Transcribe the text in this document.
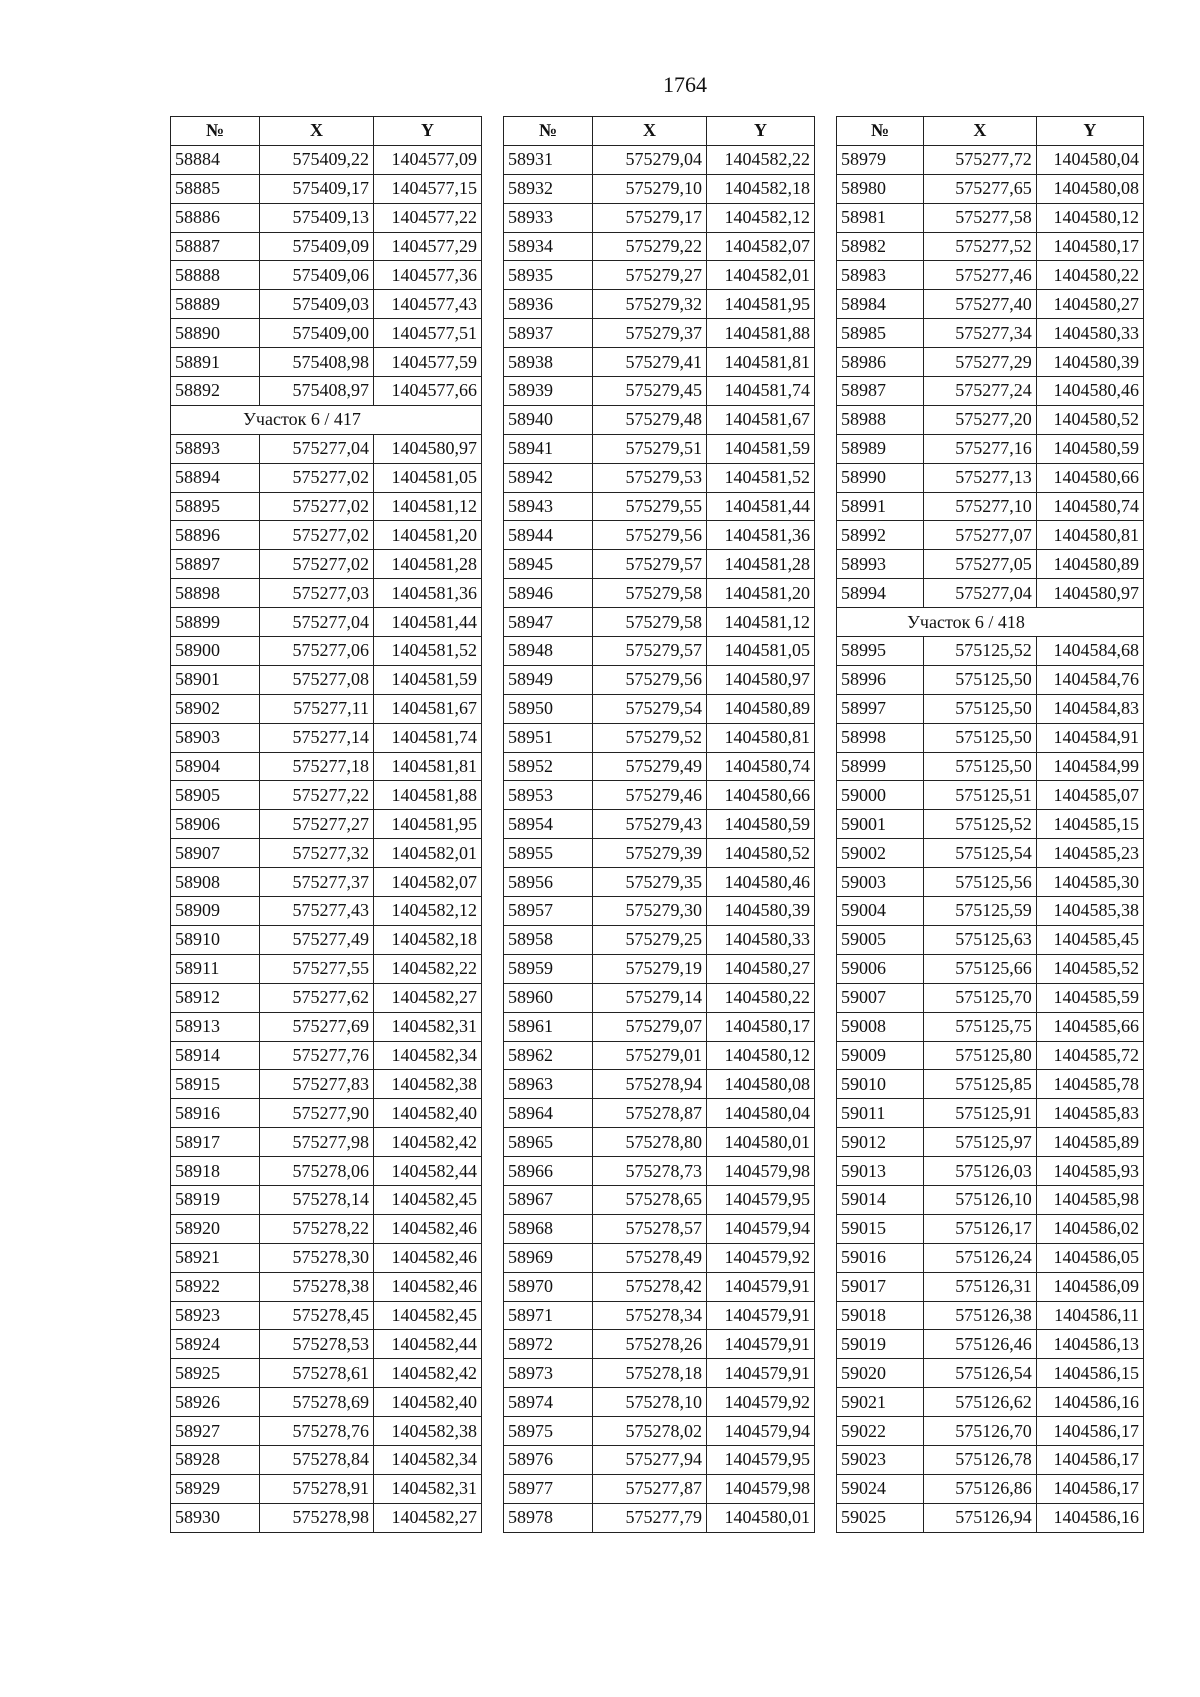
1764
№	X	Y
58884	575409,22	1404577,09
58885	575409,17	1404577,15
58886	575409,13	1404577,22
58887	575409,09	1404577,29
58888	575409,06	1404577,36
58889	575409,03	1404577,43
58890	575409,00	1404577,51
58891	575408,98	1404577,59
58892	575408,97	1404577,66
Участок 6 / 417		
58893	575277,04	1404580,97
58894	575277,02	1404581,05
58895	575277,02	1404581,12
58896	575277,02	1404581,20
58897	575277,02	1404581,28
58898	575277,03	1404581,36
58899	575277,04	1404581,44
58900	575277,06	1404581,52
58901	575277,08	1404581,59
58902	575277,11	1404581,67
58903	575277,14	1404581,74
58904	575277,18	1404581,81
58905	575277,22	1404581,88
58906	575277,27	1404581,95
58907	575277,32	1404582,01
58908	575277,37	1404582,07
58909	575277,43	1404582,12
58910	575277,49	1404582,18
58911	575277,55	1404582,22
58912	575277,62	1404582,27
58913	575277,69	1404582,31
58914	575277,76	1404582,34
58915	575277,83	1404582,38
58916	575277,90	1404582,40
58917	575277,98	1404582,42
58918	575278,06	1404582,44
58919	575278,14	1404582,45
58920	575278,22	1404582,46
58921	575278,30	1404582,46
58922	575278,38	1404582,46
58923	575278,45	1404582,45
58924	575278,53	1404582,44
58925	575278,61	1404582,42
58926	575278,69	1404582,40
58927	575278,76	1404582,38
58928	575278,84	1404582,34
58929	575278,91	1404582,31
58930	575278,98	1404582,27
№	X	Y
58931	575279,04	1404582,22
58932	575279,10	1404582,18
58933	575279,17	1404582,12
58934	575279,22	1404582,07
58935	575279,27	1404582,01
58936	575279,32	1404581,95
58937	575279,37	1404581,88
58938	575279,41	1404581,81
58939	575279,45	1404581,74
58940	575279,48	1404581,67
58941	575279,51	1404581,59
58942	575279,53	1404581,52
58943	575279,55	1404581,44
58944	575279,56	1404581,36
58945	575279,57	1404581,28
58946	575279,58	1404581,20
58947	575279,58	1404581,12
58948	575279,57	1404581,05
58949	575279,56	1404580,97
58950	575279,54	1404580,89
58951	575279,52	1404580,81
58952	575279,49	1404580,74
58953	575279,46	1404580,66
58954	575279,43	1404580,59
58955	575279,39	1404580,52
58956	575279,35	1404580,46
58957	575279,30	1404580,39
58958	575279,25	1404580,33
58959	575279,19	1404580,27
58960	575279,14	1404580,22
58961	575279,07	1404580,17
58962	575279,01	1404580,12
58963	575278,94	1404580,08
58964	575278,87	1404580,04
58965	575278,80	1404580,01
58966	575278,73	1404579,98
58967	575278,65	1404579,95
58968	575278,57	1404579,94
58969	575278,49	1404579,92
58970	575278,42	1404579,91
58971	575278,34	1404579,91
58972	575278,26	1404579,91
58973	575278,18	1404579,91
58974	575278,10	1404579,92
58975	575278,02	1404579,94
58976	575277,94	1404579,95
58977	575277,87	1404579,98
58978	575277,79	1404580,01
№	X	Y
58979	575277,72	1404580,04
58980	575277,65	1404580,08
58981	575277,58	1404580,12
58982	575277,52	1404580,17
58983	575277,46	1404580,22
58984	575277,40	1404580,27
58985	575277,34	1404580,33
58986	575277,29	1404580,39
58987	575277,24	1404580,46
58988	575277,20	1404580,52
58989	575277,16	1404580,59
58990	575277,13	1404580,66
58991	575277,10	1404580,74
58992	575277,07	1404580,81
58993	575277,05	1404580,89
58994	575277,04	1404580,97
Участок 6 / 418		
58995	575125,52	1404584,68
58996	575125,50	1404584,76
58997	575125,50	1404584,83
58998	575125,50	1404584,91
58999	575125,50	1404584,99
59000	575125,51	1404585,07
59001	575125,52	1404585,15
59002	575125,54	1404585,23
59003	575125,56	1404585,30
59004	575125,59	1404585,38
59005	575125,63	1404585,45
59006	575125,66	1404585,52
59007	575125,70	1404585,59
59008	575125,75	1404585,66
59009	575125,80	1404585,72
59010	575125,85	1404585,78
59011	575125,91	1404585,83
59012	575125,97	1404585,89
59013	575126,03	1404585,93
59014	575126,10	1404585,98
59015	575126,17	1404586,02
59016	575126,24	1404586,05
59017	575126,31	1404586,09
59018	575126,38	1404586,11
59019	575126,46	1404586,13
59020	575126,54	1404586,15
59021	575126,62	1404586,16
59022	575126,70	1404586,17
59023	575126,78	1404586,17
59024	575126,86	1404586,17
59025	575126,94	1404586,16
